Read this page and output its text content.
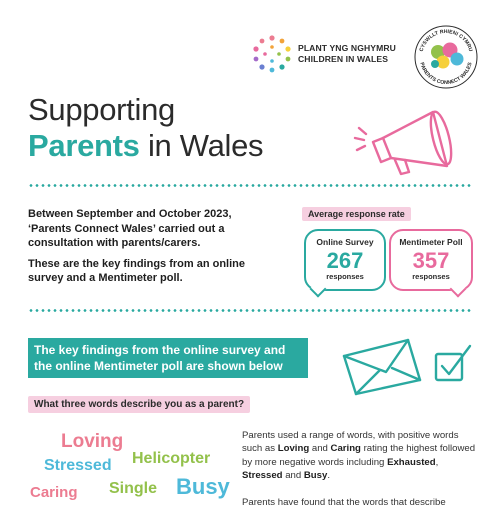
PLANT YNG NGHYMRU
CHILDREN IN WALES
CYSWLLT RHIENI CYMRU
PARENTS CONNECT WALES
Supporting
Parents in Wales

Between September and October 2023, ‘Parents Connect Wales’ carried out a consultation with parents/carers.

These are the key findings from an online survey and a Mentimeter poll.

Average response rate
Online Survey
267
responses
Mentimeter Poll
357
responses
The key findings from the online survey and the online Mentimeter poll are shown below
What three words describe you as a parent?
Loving
Stressed Helicopter
Caring Single Busy
Parents used a range of words, with positive words such as Loving and Caring rating the highest followed by more negative words including Exhausted, Stressed and Busy.
Parents have found that the words that describe
